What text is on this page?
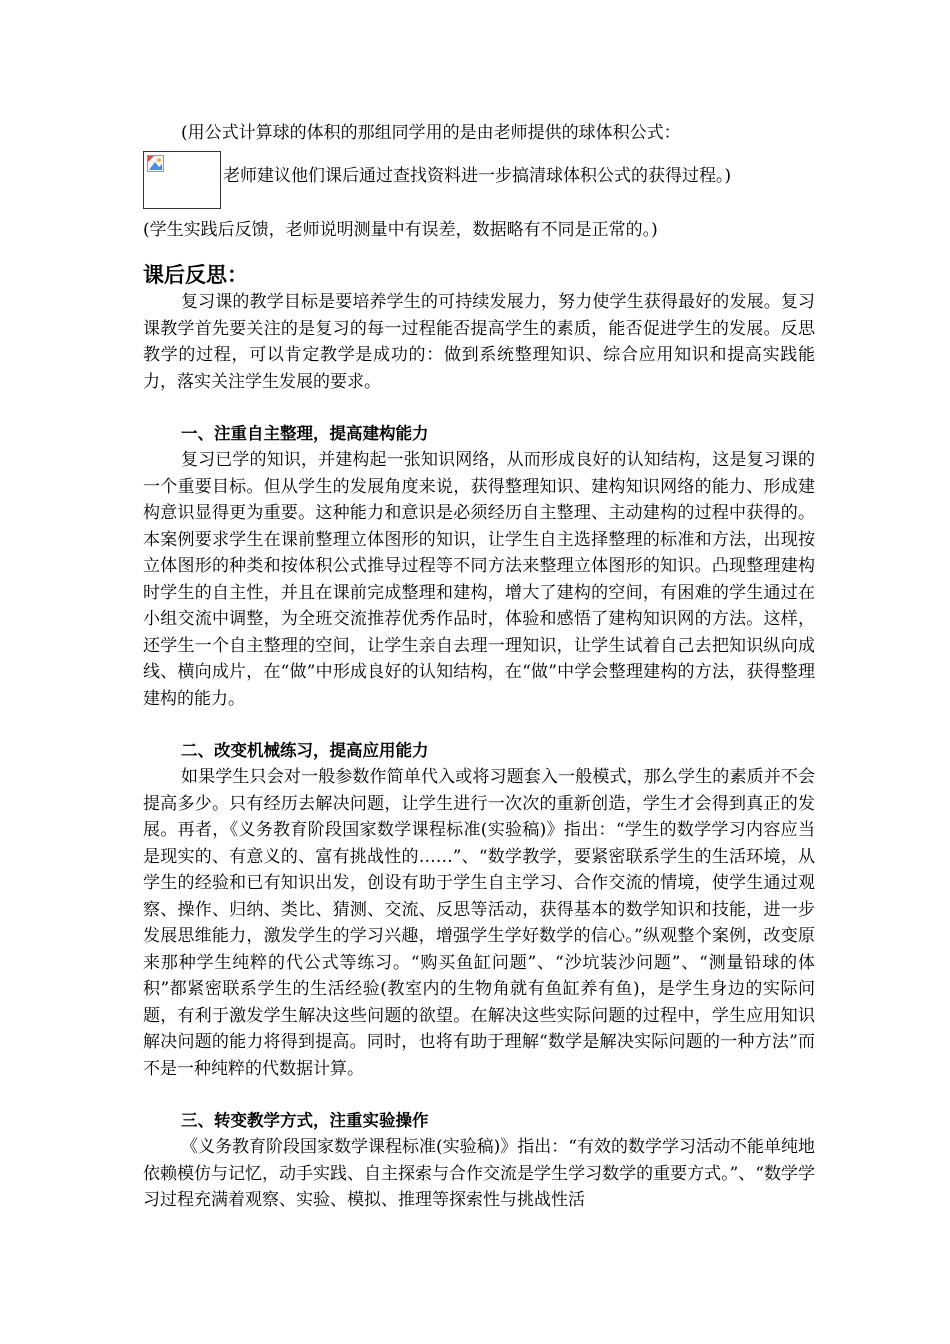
(用公式计算球的体积的那组同学用的是由老师提供的球体积公式：

老师建议他们课后通过查找资料进一步搞清球体积公式的获得过程。)

(学生实践后反馈，老师说明测量中有误差，数据略有不同是正常的。)

课后反思：

复习课的教学目标是要培养学生的可持续发展力，努力使学生获得最好的发展。复习课教学首先要关注的是复习的每一过程能否提高学生的素质，能否促进学生的发展。反思教学的过程，可以肯定教学是成功的：做到系统整理知识、综合应用知识和提高实践能力，落实关注学生发展的要求。

一、注重自主整理，提高建构能力

复习已学的知识，并建构起一张知识网络，从而形成良好的认知结构，这是复习课的一个重要目标。但从学生的发展角度来说，获得整理知识、建构知识网络的能力、形成建构意识显得更为重要。这种能力和意识是必须经历自主整理、主动建构的过程中获得的。本案例要求学生在课前整理立体图形的知识，让学生自主选择整理的标准和方法，出现按立体图形的种类和按体积公式推导过程等不同方法来整理立体图形的知识。凸现整理建构时学生的自主性，并且在课前完成整理和建构，增大了建构的空间，有困难的学生通过在小组交流中调整，为全班交流推荐优秀作品时，体验和感悟了建构知识网的方法。这样，还学生一个自主整理的空间，让学生亲自去理一理知识，让学生试着自己去把知识纵向成线、横向成片，在“做”中形成良好的认知结构，在“做”中学会整理建构的方法，获得整理建构的能力。

二、改变机械练习，提高应用能力

如果学生只会对一般参数作简单代入或将习题套入一般模式，那么学生的素质并不会提高多少。只有经历去解决问题，让学生进行一次次的重新创造，学生才会得到真正的发展。再者，《义务教育阶段国家数学课程标准(实验稿)》指出：“学生的数学学习内容应当是现实的、有意义的、富有挑战性的……”、“数学教学，要紧密联系学生的生活环境，从学生的经验和已有知识出发，创设有助于学生自主学习、合作交流的情境，使学生通过观察、操作、归纳、类比、猜测、交流、反思等活动，获得基本的数学知识和技能，进一步发展思维能力，激发学生的学习兴趣，增强学生学好数学的信心。”纵观整个案例，改变原来那种学生纯粹的代公式等练习。“购买鱼缸问题”、“沙坑装沙问题”、“测量铅球的体积”都紧密联系学生的生活经验(教室内的生物角就有鱼缸养有鱼)，是学生身边的实际问题，有利于激发学生解决这些问题的欲望。在解决这些实际问题的过程中，学生应用知识解决问题的能力将得到提高。同时，也将有助于理解“数学是解决实际问题的一种方法”而不是一种纯粹的代数据计算。

三、转变教学方式，注重实验操作

《义务教育阶段国家数学课程标准(实验稿)》指出：“有效的数学学习活动不能单纯地依赖模仿与记忆，动手实践、自主探索与合作交流是学生学习数学的重要方式。”、“数学学习过程充满着观察、实验、模拟、推理等探索性与挑战性活
